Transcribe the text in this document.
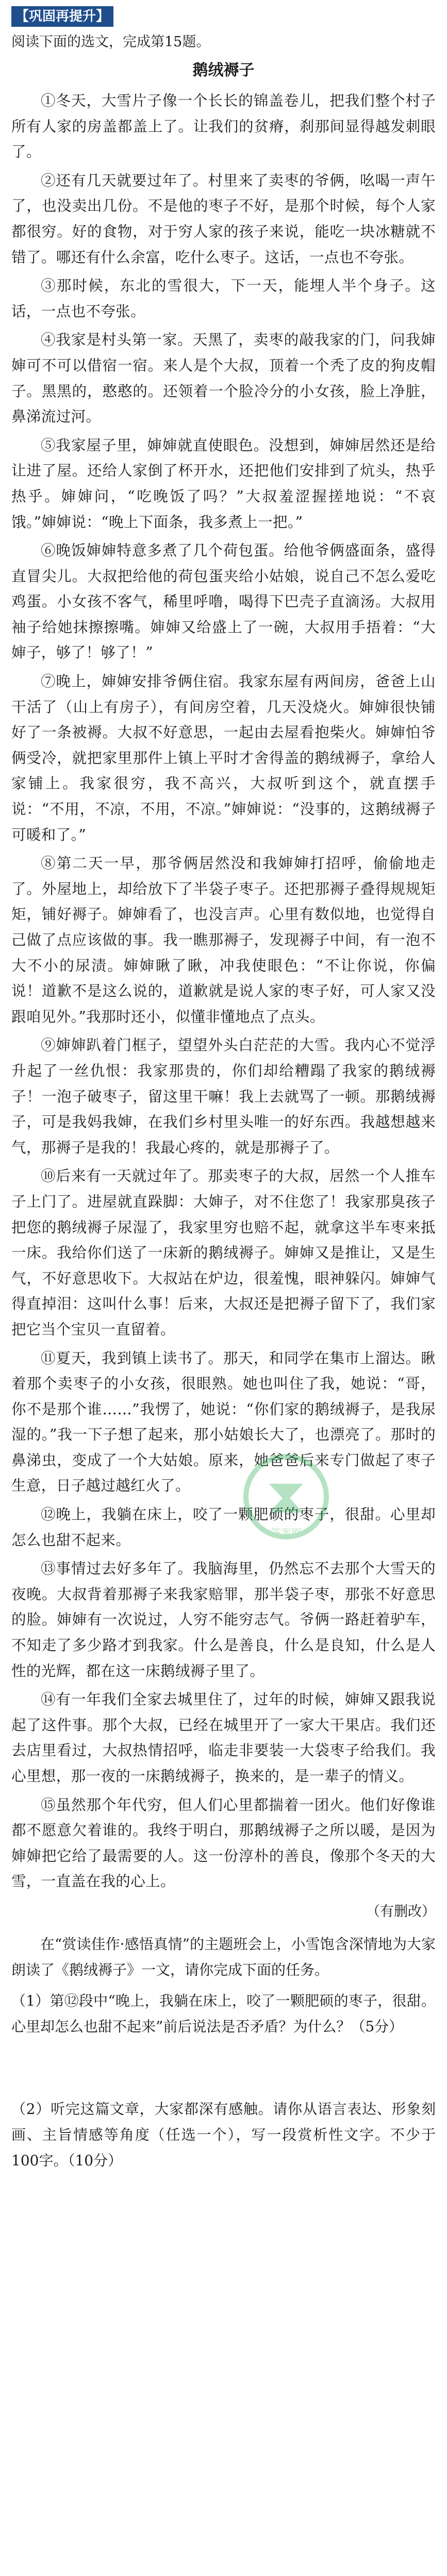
【巩固再提升】

阅读下面的选文，完成第15题。

鹅绒褥子

①冬天，大雪片子像一个长长的锦盖卷儿，把我们整个村子所有人家的房盖都盖上了。让我们的贫瘠，刹那间显得越发刺眼了。

②还有几天就要过年了。村里来了卖枣的爷俩，吆喝一声午了，也没卖出几份。不是他的枣子不好，是那个时候，每个人家都很穷。好的食物，对于穷人家的孩子来说，能吃一块冰糖就不错了。哪还有什么余富，吃什么枣子。这话，一点也不夸张。

③那时候，东北的雪很大，下一天，能埋人半个身子。这话，一点也不夸张。

④我家是村头第一家。天黑了，卖枣的敲我家的门，问我婶婶可不可以借宿一宿。来人是个大叔，顶着一个秃了皮的狗皮帽子。黑黑的，憨憨的。还领着一个脸冷分的小女孩，脸上净脏，鼻涕流过河。

⑤我家屋子里，婶婶就直使眼色。没想到，婶婶居然还是给让进了屋。还给人家倒了杯开水，还把他们安排到了炕头，热乎热乎。婶婶问，“吃晚饭了吗？”大叔羞涩握搓地说：“不哀饿。”婶婶说：“晚上下面条，我多煮上一把。”

⑥晚饭婶婶特意多煮了几个荷包蛋。给他爷俩盛面条，盛得直冒尖儿。大叔把给他的荷包蛋夹给小姑娘，说自己不怎么爱吃鸡蛋。小女孩不客气，稀里呼噜，喝得下巴壳子直滴汤。大叔用袖子给她抹擦擦嘴。婶婶又给盛上了一碗，大叔用手捂着：“大婶子，够了！够了！”

⑦晚上，婶婶安排爷俩住宿。我家东屋有两间房，爸爸上山干活了（山上有房子），有间房空着，几天没烧火。婶婶很快铺好了一条被褥。大叔不好意思，一起由去屋看抱柴火。婶婶怕爷俩受冷，就把家里那件上镇上平时才舍得盖的鹅绒褥子，拿给人家铺上。我家很穷，我不高兴，大叔听到这个，就直摆手说：“不用，不凉，不用，不凉。”婶婶说：“没事的，这鹅绒褥子可暖和了。”

⑧第二天一早，那爷俩居然没和我婶婶打招呼，偷偷地走了。外屋地上，却给放下了半袋子枣子。还把那褥子叠得规规矩矩，铺好褥子。婶婶看了，也没言声。心里有数似地，也觉得自己做了点应该做的事。我一瞧那褥子，发现褥子中间，有一泡不大不小的尿渍。婶婶瞅了瞅，冲我使眼色：“不让你说，你偏说！道歉不是这么说的，道歉就是说人家的枣子好，可人家又没跟咱见外。”我那时还小，似懂非懂地点了点头。

⑨婶婶趴着门框子，望望外头白茫茫的大雪。我内心不觉浮升起了一丝仇恨：我家那贵的，你们却给糟蹋了我家的鹅绒褥子！一泡子破枣子，留这里干嘛！我上去就骂了一顿。那鹅绒褥子，可是我妈我婶，在我们乡村里头唯一的好东西。我越想越来气，那褥子是我的！我最心疼的，就是那褥子了。

⑩后来有一天就过年了。那卖枣子的大叔，居然一个人推车子上门了。进屋就直跺脚：大婶子，对不住您了！我家那臭孩子把您的鹅绒褥子尿湿了，我家里穷也赔不起，就拿这半车枣来抵一床。我给你们送了一床新的鹅绒褥子。婶婶又是推让，又是生气，不好意思收下。大叔站在炉边，很羞愧，眼神躲闪。婶婶气得直掉泪：这叫什么事！后来，大叔还是把褥子留下了，我们家把它当个宝贝一直留着。

⑪夏天，我到镇上读书了。那天，和同学在集市上溜达。瞅着那个卖枣子的小女孩，很眼熟。她也叫住了我，她说：“哥，你不是那个谁……”我愣了，她说：“你们家的鹅绒褥子，是我尿湿的。”我一下子想了起来，那小姑娘长大了，也漂亮了。那时的鼻涕虫，变成了一个大姑娘。原来，她爸爸后来专门做起了枣子生意，日子越过越红火了。

⑫晚上，我躺在床上，咬了一颗肥硕的枣子，很甜。心里却怎么也甜不起来。

⑬事情过去好多年了。我脑海里，仍然忘不去那个大雪天的夜晚。大叔背着那褥子来我家赔罪，那半袋子枣，那张不好意思的脸。婶婶有一次说过，人穷不能穷志气。爷俩一路赶着驴车，不知走了多少路才到我家。什么是善良，什么是良知，什么是人性的光辉，都在这一床鹅绒褥子里了。

⑭有一年我们全家去城里住了，过年的时候，婶婶又跟我说起了这件事。那个大叔，已经在城里开了一家大干果店。我们还去店里看过，大叔热情招呼，临走非要装一大袋枣子给我们。我心里想，那一夜的一床鹅绒褥子，换来的，是一辈子的情义。

⑮虽然那个年代穷，但人们心里都揣着一团火。他们好像谁都不愿意欠着谁的。我终于明白，那鹅绒褥子之所以暖，是因为婶婶把它给了最需要的人。这一份淳朴的善良，像那个冬天的大雪，一直盖在我的心上。

（有删改）

在“赏读佳作·感悟真情”的主题班会上，小雪饱含深情地为大家朗读了《鹅绒褥子》一文，请你完成下面的任务。

（1）第⑫段中“晚上，我躺在床上，咬了一颗肥硕的枣子，很甜。心里却怎么也甜不起来”前后说法是否矛盾？为什么？（5分）

（2）听完这篇文章，大家都深有感触。请你从语言表达、形象刻画、主旨情感等角度（任选一个），写一段赏析性文字。不少于100字。（10分）

答案圈
